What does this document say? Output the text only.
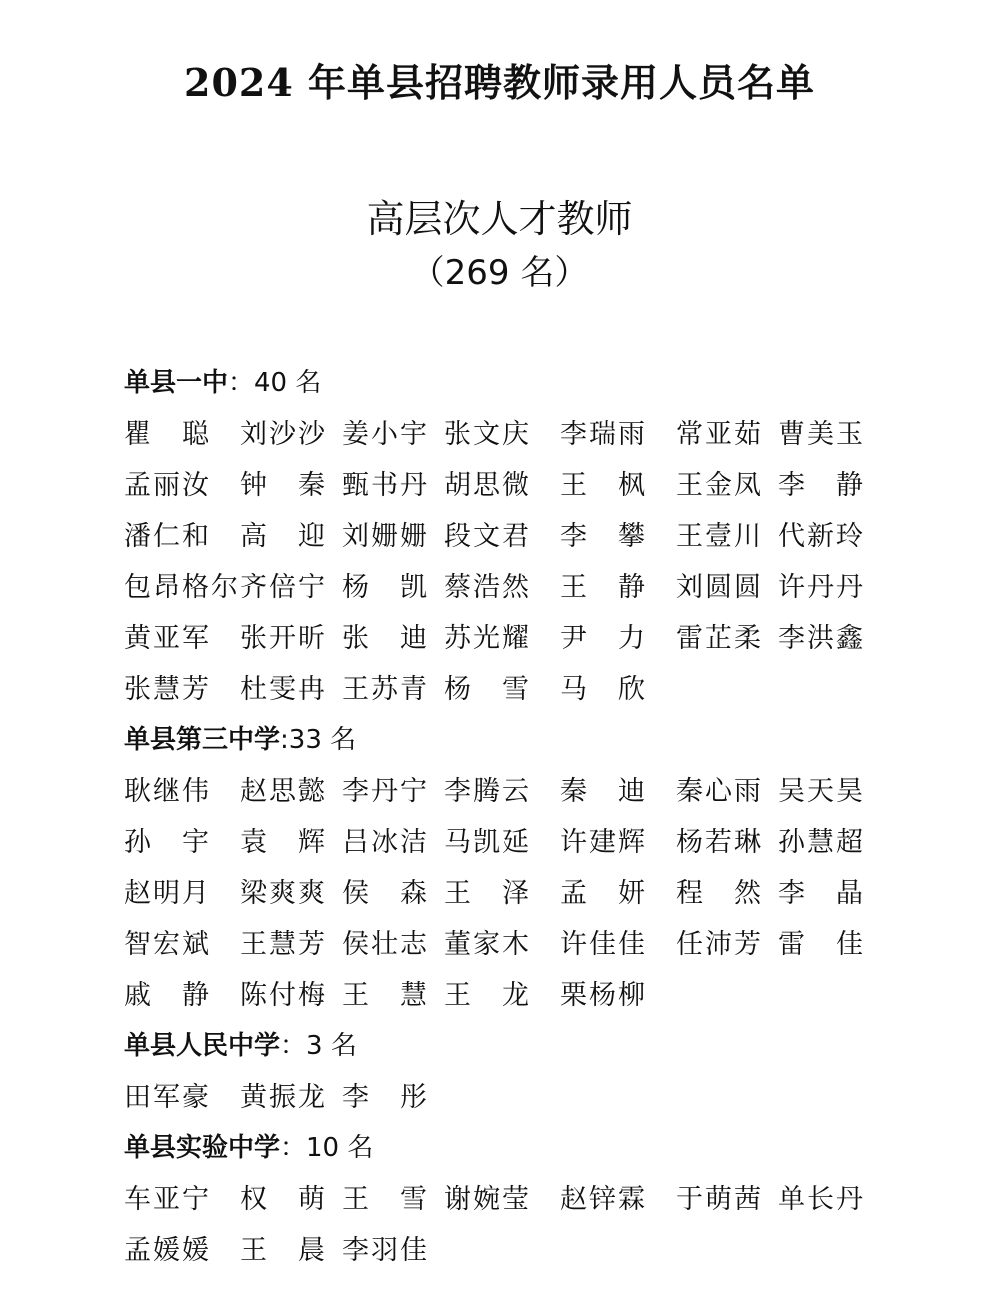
2024 年单县招聘教师录用人员名单
高层次人才教师
（269 名）
单县一中：40 名
瞿　聪 刘沙沙 姜小宇 张文庆 李瑞雨 常亚茹 曹美玉
孟丽汝 钟　秦 甄书丹 胡思微 王　枫 王金凤 李　静
潘仁和 高　迎 刘姗姗 段文君 李　攀 王壹川 代新玲
包昂格尔 齐倍宁 杨　凯 蔡浩然 王　静 刘圆圆 许丹丹
黄亚军 张开昕 张　迪 苏光耀 尹　力 雷芷柔 李洪鑫
张慧芳 杜雯冉 王苏青 杨　雪 马　欣
单县第三中学:33 名
耿继伟 赵思懿 李丹宁 李腾云 秦　迪 秦心雨 吴天昊
孙　宇 袁　辉 吕冰洁 马凯延 许建辉 杨若琳 孙慧超
赵明月 梁爽爽 侯　森 王　泽 孟　妍 程　然 李　晶
智宏斌 王慧芳 侯壮志 董家木 许佳佳 任沛芳 雷　佳
戚　静 陈付梅 王　慧 王　龙 栗杨柳
单县人民中学：3 名
田军豪 黄振龙 李　彤
单县实验中学：10 名
车亚宁 权　萌 王　雪 谢婉莹 赵锌霖 于萌茜 单长丹
孟媛媛 王　晨 李羽佳
